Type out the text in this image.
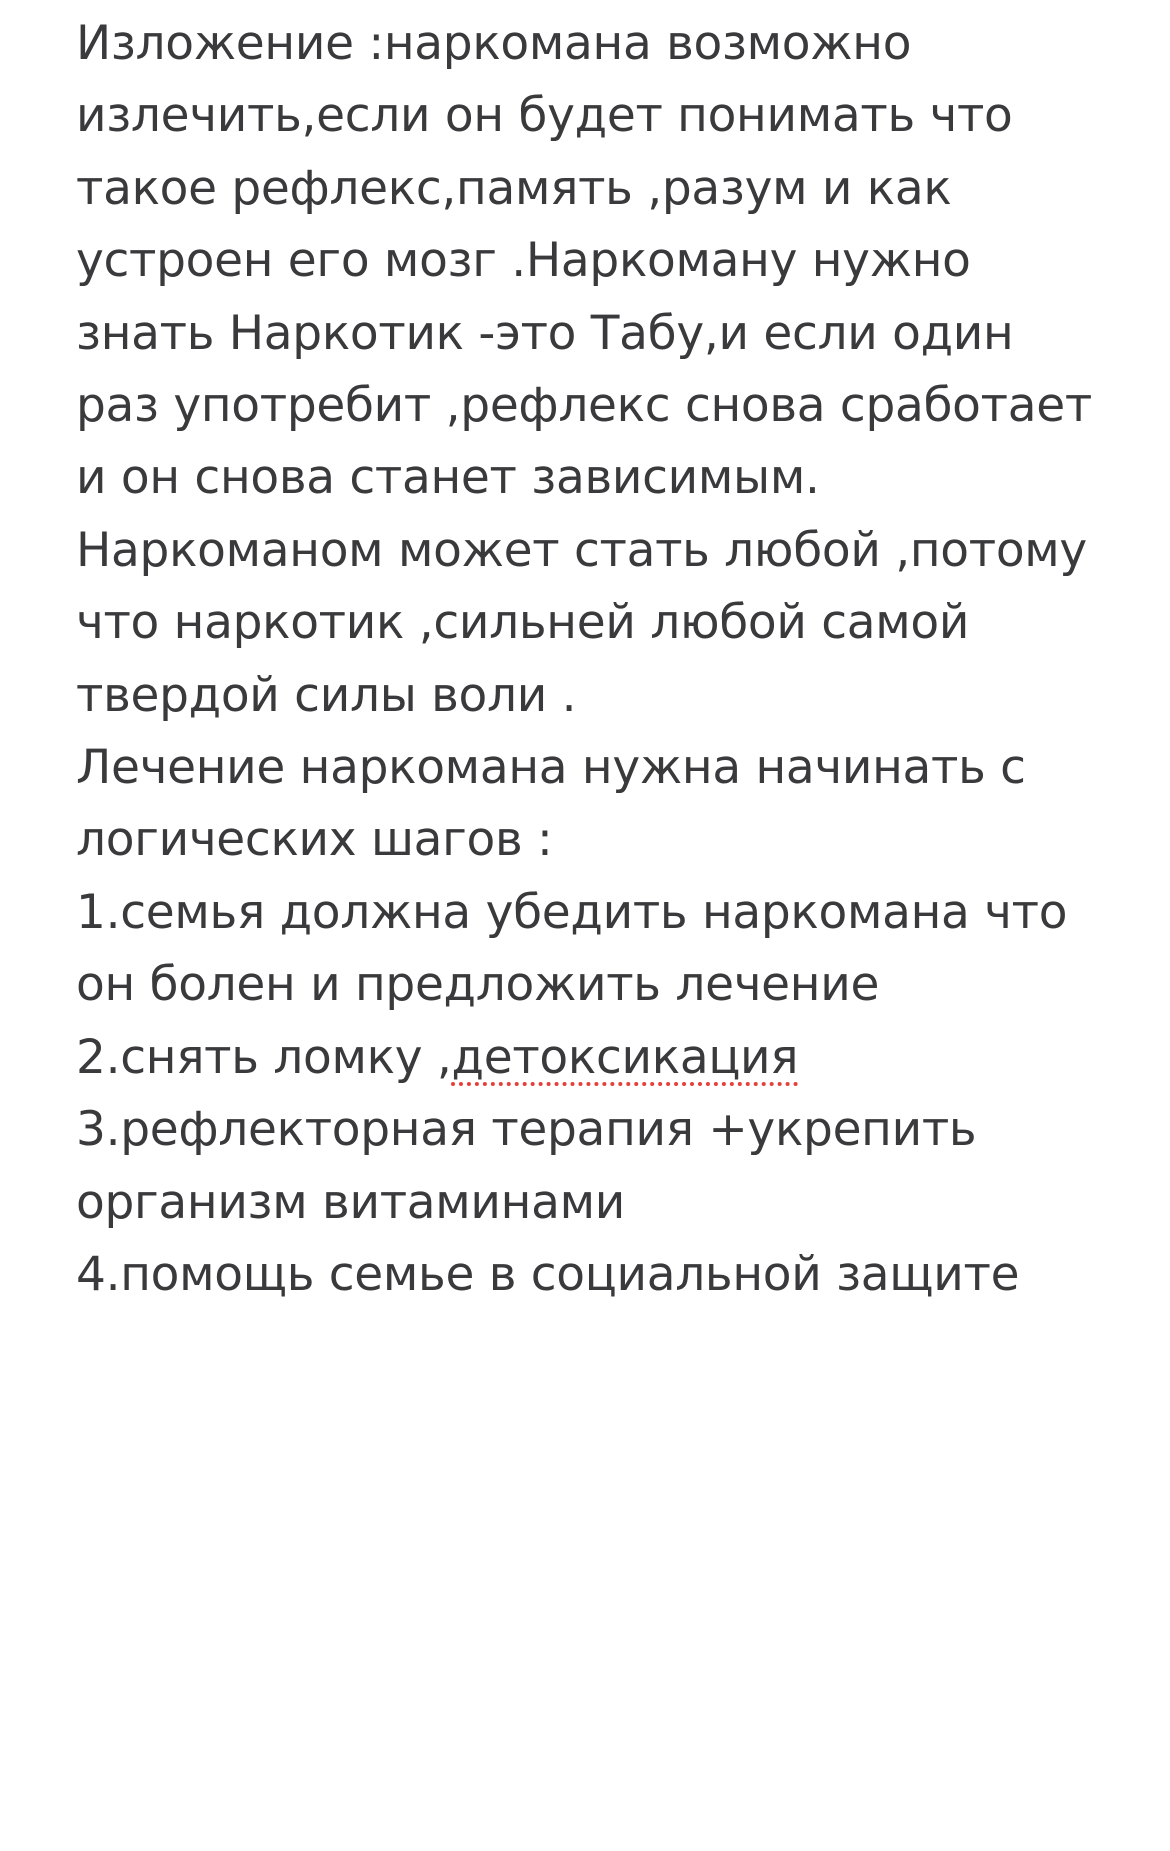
Изложение :наркомана возможно
излечить,если он будет понимать что
такое рефлекс,память ,разум и как
устроен его мозг .Наркоману нужно
знать Наркотик -это Табу,и если один
раз употребит ,рефлекс снова сработает
и он снова станет зависимым.
Наркоманом может стать любой ,потому
что наркотик ,сильней любой самой
твердой силы воли .
Лечение наркомана нужна начинать с
логических шагов :
1.семья должна убедить наркомана что
он болен и предложить лечение
2.снять ломку ,детоксикация
3.рефлекторная терапия +укрепить
организм витаминами
4.помощь семье в социальной защите
